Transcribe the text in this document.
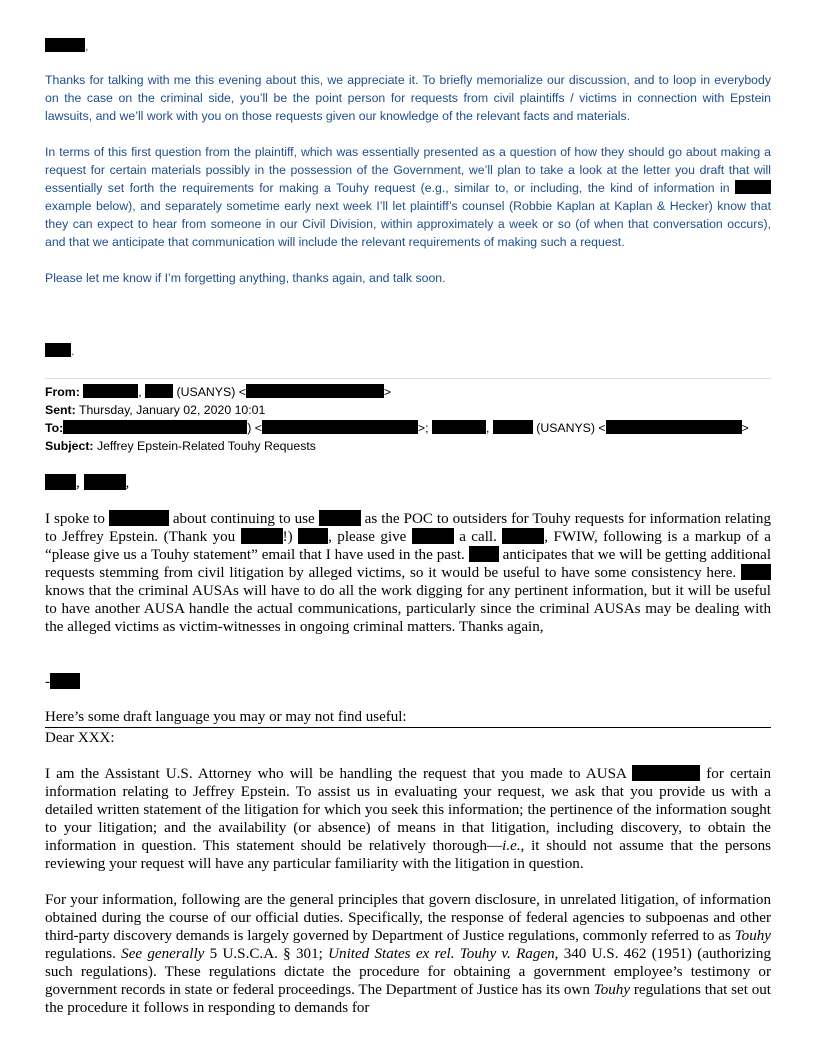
,

Thanks for talking with me this evening about this, we appreciate it. To briefly memorialize our discussion, and to loop in everybody on the case on the criminal side, you’ll be the point person for requests from civil plaintiffs / victims in connection with Epstein lawsuits, and we’ll work with you on those requests given our knowledge of the relevant facts and materials.

In terms of this first question from the plaintiff, which was essentially presented as a question of how they should go about making a request for certain materials possibly in the possession of the Government, we’ll plan to take a look at the letter you draft that will essentially set forth the requirements for making a Touhy request (e.g., similar to, or including, the kind of information in  example below), and separately sometime early next week I’ll let plaintiff’s counsel (Robbie Kaplan at Kaplan & Hecker) know that they can expect to hear from someone in our Civil Division, within approximately a week or so (of when that conversation occurs), and that we anticipate that communication will include the relevant requirements of making such a request.

Please let me know if I’m forgetting anything, thanks again, and talk soon.

.
From:	,	(USANYS) <	>
Sent: Thursday, January 02, 2020 10:01
To:	) <	>;	,	(USANYS) <	>
Subject: Jeffrey Epstein-Related Touhy Requests
,	,

I spoke to	about continuing to use	as the POC to outsiders for Touhy requests for information relating to Jeffrey Epstein. (Thank you	!) , please give	a call.	, FWIW, following is a markup of a “please give us a Touhy statement” email that I have used in the past.	anticipates that we will be getting additional requests stemming from civil litigation by alleged victims, so it would be useful to have some consistency here.  knows that the criminal AUSAs will have to do all the work digging for any pertinent information, but it will be useful to have another AUSA handle the actual communications, particularly since the criminal AUSAs may be dealing with the alleged victims as victim-witnesses in ongoing criminal matters. Thanks again,

-
Here’s some draft language you may or may not find useful:
Dear XXX:

I am the Assistant U.S. Attorney who will be handling the request that you made to AUSA	for certain information relating to Jeffrey Epstein. To assist us in evaluating your request, we ask that you provide us with a detailed written statement of the litigation for which you seek this information; the pertinence of the information sought to your litigation; and the availability (or absence) of means in that litigation, including discovery, to obtain the information in question. This statement should be relatively thorough—i.e., it should not assume that the persons reviewing your request will have any particular familiarity with the litigation in question.

For your information, following are the general principles that govern disclosure, in unrelated litigation, of information obtained during the course of our official duties. Specifically, the response of federal agencies to subpoenas and other third-party discovery demands is largely governed by Department of Justice regulations, commonly referred to as Touhy regulations. See generally 5 U.S.C.A. § 301; United States ex rel. Touhy v. Ragen, 340 U.S. 462 (1951) (authorizing such regulations). These regulations dictate the procedure for obtaining a government employee’s testimony or government records in state or federal proceedings. The Department of Justice has its own Touhy regulations that set out the procedure it follows in responding to demands for
